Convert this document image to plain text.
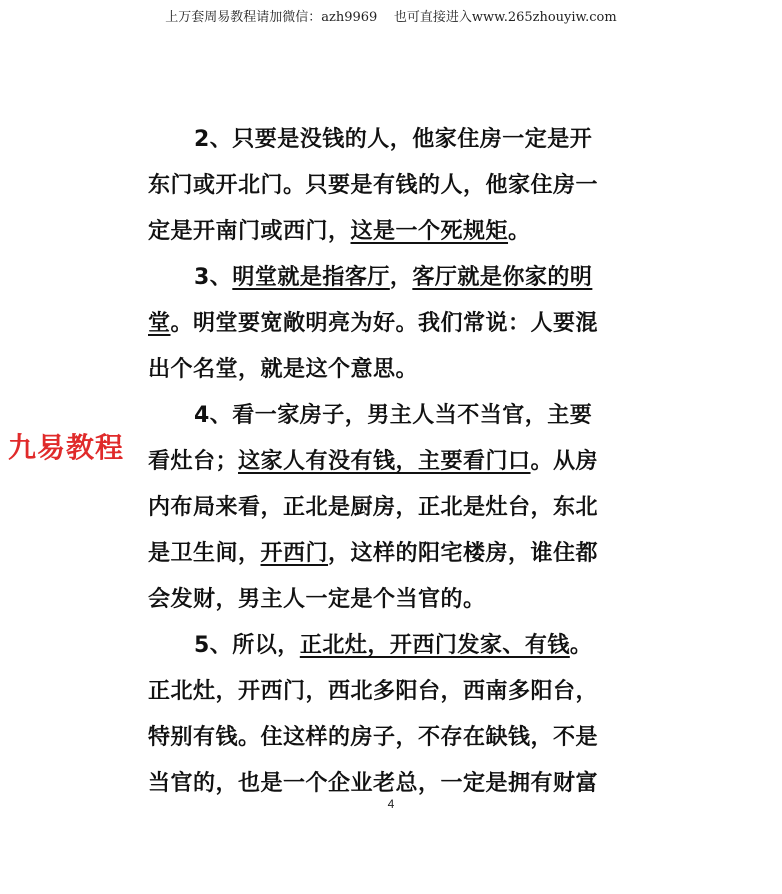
上万套周易教程请加微信：azh9969    也可直接进入www.265zhouyiw.com
九易教程
2、只要是没钱的人，他家住房一定是开
东门或开北门。只要是有钱的人，他家住房一
定是开南门或西门，这是一个死规矩。
3、明堂就是指客厅，客厅就是你家的明
堂。明堂要宽敞明亮为好。我们常说：人要混
出个名堂，就是这个意思。
4、看一家房子，男主人当不当官，主要
看灶台；这家人有没有钱，主要看门口。从房
内布局来看，正北是厨房，正北是灶台，东北
是卫生间，开西门，这样的阳宅楼房，谁住都
会发财，男主人一定是个当官的。
5、所以，正北灶，开西门发家、有钱。
正北灶，开西门，西北多阳台，西南多阳台，
特别有钱。住这样的房子，不存在缺钱，不是
当官的，也是一个企业老总，一定是拥有财富
4
